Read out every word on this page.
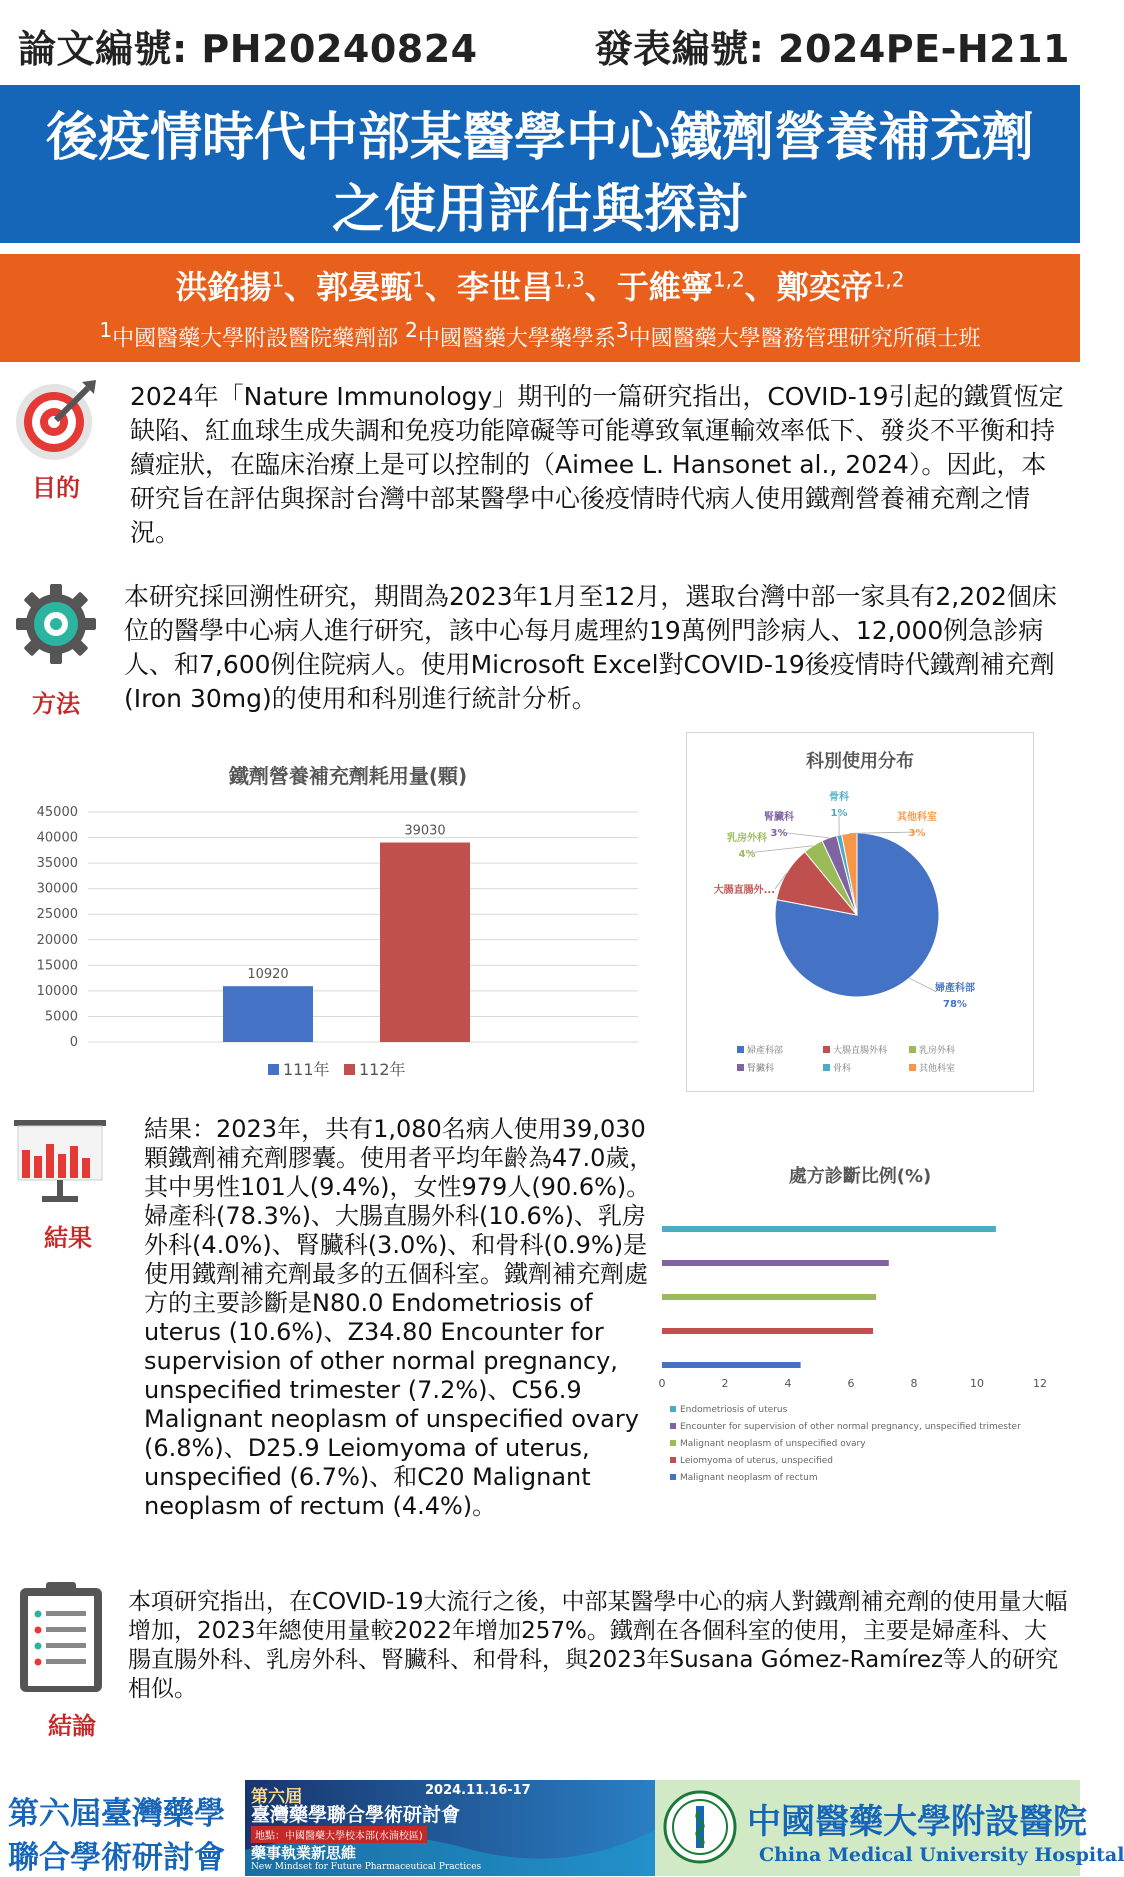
論文編號: PH20240824	發表編號: 2024PE-H211
後疫情時代中部某醫學中心鐵劑營養補充劑
之使用評估與探討
洪銘揚$^1$、郭晏甄$^1$、李世昌$^{1,3}$、于維寧$^{1,2}$、鄭奕帝$^{1,2}$
$^1$中國醫藥大學附設醫院藥劑部 $^2$中國醫藥大學藥學系$^3$中國醫藥大學醫務管理研究所碩士班
目的
2024年「Nature Immunology」期刊的一篇研究指出，COVID-19引起的鐵質恆定缺陷、紅血球生成失調和免疫功能障礙等可能導致氧運輸效率低下、發炎不平衡和持續症狀，在臨床治療上是可以控制的（Aimee L. Hansonet al., 2024）。因此，本研究旨在評估與探討台灣中部某醫學中心後疫情時代病人使用鐵劑營養補充劑之情況。
方法
本研究採回溯性研究，期間為2023年1月至12月，選取台灣中部一家具有2,202個床位的醫學中心病人進行研究，該中心每月處理約19萬例門診病人、12,000例急診病人、和7,600例住院病人。使用Microsoft Excel對COVID-19後疫情時代鐵劑補充劑(Iron 30mg)的使用和科別進行統計分析。
鐵劑營養補充劑耗用量(顆)
0
5000
10000
15000
20000
25000
30000
35000
40000
45000
10920
39030
111年 112年
科別使用分布
婦產科部
78%
大腸直腸外...
乳房外科
4%
腎臟科
3%
骨科
1%	其他科室
3%
婦產科部	大腸直腸外科	乳房外科
腎臟科	骨科	其他科室
結果
結果：2023年，共有1,080名病人使用39,030顆鐵劑補充劑膠囊。使用者平均年齡為47.0歲，其中男性101人(9.4%)，女性979人(90.6%)。婦產科(78.3%)、大腸直腸外科(10.6%)、乳房外科(4.0%)、腎臟科(3.0%)、和骨科(0.9%)是使用鐵劑補充劑最多的五個科室。鐵劑補充劑處方的主要診斷是N80.0 Endometriosis of uterus (10.6%)、Z34.80 Encounter for supervision of other normal pregnancy, unspecified trimester (7.2%)、C56.9 Malignant neoplasm of unspecified ovary (6.8%)、D25.9 Leiomyoma of uterus, unspecified (6.7%)、和C20 Malignant neoplasm of rectum (4.4%)。
處方診斷比例(%)
0	2	4	6	8	10	12
Endometriosis of uterus
Encounter for supervision of other normal pregnancy, unspecified trimester
Malignant neoplasm of unspecified ovary
Leiomyoma of uterus, unspecified
Malignant neoplasm of rectum
結論
本項研究指出，在COVID-19大流行之後，中部某醫學中心的病人對鐵劑補充劑的使用量大幅增加，2023年總使用量較2022年增加257%。鐵劑在各個科室的使用，主要是婦產科、大腸直腸外科、乳房外科、腎臟科、和骨科，與2023年Susana Gómez-Ramírez等人的研究相似。
第六屆臺灣藥學
聯合學術研討會
第六屆
臺灣藥學聯合學術研討會
2024.11.16-17
地點：中國醫藥大學校本部(水湳校區)
藥事執業新思維
New Mindset for Future Pharmaceutical Practices
中國醫藥大學附設醫院
China Medical University Hospital
